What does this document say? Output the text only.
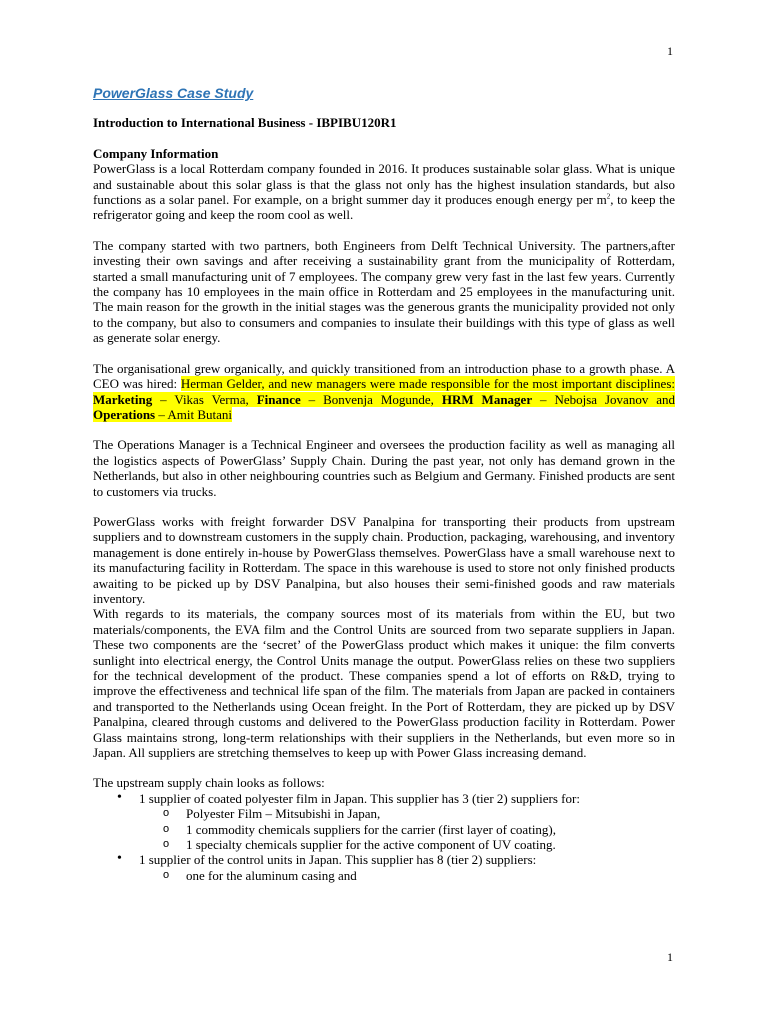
1
PowerGlass Case Study
Introduction to International Business - IBPIBU120R1
Company Information

PowerGlass is a local Rotterdam company founded in 2016. It produces sustainable solar glass. What is unique and sustainable about this solar glass is that the glass not only has the highest insulation standards, but also functions as a solar panel. For example, on a bright summer day it produces enough energy per $m^2$, to keep the refrigerator going and keep the room cool as well.

The company started with two partners, both Engineers from Delft Technical University. The partners,after investing their own savings and after receiving a sustainability grant from the municipality of Rotterdam, started a small manufacturing unit of 7 employees. The company grew very fast in the last few years. Currently the company has 10 employees in the main office in Rotterdam and 25 employees in the manufacturing unit. The main reason for the growth in the initial stages was the generous grants the municipality provided not only to the company, but also to consumers and companies to insulate their buildings with this type of glass as well as generate solar energy.

The organisational grew organically, and quickly transitioned from an introduction phase to a growth phase. A CEO was hired: Herman Gelder, and new managers were made responsible for the most important disciplines: Marketing – Vikas Verma, Finance – Bonvenja Mogunde, HRM Manager – Nebojsa Jovanov and Operations – Amit Butani

The Operations Manager is a Technical Engineer and oversees the production facility as well as managing all the logistics aspects of PowerGlass’ Supply Chain. During the past year, not only has demand grown in the Netherlands, but also in other neighbouring countries such as Belgium and Germany. Finished products are sent to customers via trucks.

PowerGlass works with freight forwarder DSV Panalpina for transporting their products from upstream suppliers and to downstream customers in the supply chain. Production, packaging, warehousing, and inventory management is done entirely in-house by PowerGlass themselves. PowerGlass have a small warehouse next to its manufacturing facility in Rotterdam. The space in this warehouse is used to store not only finished products awaiting to be picked up by DSV Panalpina, but also houses their semi-finished goods and raw materials inventory.

With regards to its materials, the company sources most of its materials from within the EU, but two materials/components, the EVA film and the Control Units are sourced from two separate suppliers in Japan. These two components are the ‘secret’ of the PowerGlass product which makes it unique: the film converts sunlight into electrical energy, the Control Units manage the output. PowerGlass relies on these two suppliers for the technical development of the product. These companies spend a lot of efforts on R&D, trying to improve the effectiveness and technical life span of the film. The materials from Japan are packed in containers and transported to the Netherlands using Ocean freight. In the Port of Rotterdam, they are picked up by DSV Panalpina, cleared through customs and delivered to the PowerGlass production facility in Rotterdam. Power Glass maintains strong, long-term relationships with their suppliers in the Netherlands, but even more so in Japan. All suppliers are stretching themselves to keep up with Power Glass increasing demand.

The upstream supply chain looks as follows:
• 1 supplier of coated polyester film in Japan. This supplier has 3 (tier 2) suppliers for:
o Polyester Film – Mitsubishi in Japan,
o 1 commodity chemicals suppliers for the carrier (first layer of coating),
o 1 specialty chemicals supplier for the active component of UV coating.
• 1 supplier of the control units in Japan. This supplier has 8 (tier 2) suppliers:
o one for the aluminum casing and
1
